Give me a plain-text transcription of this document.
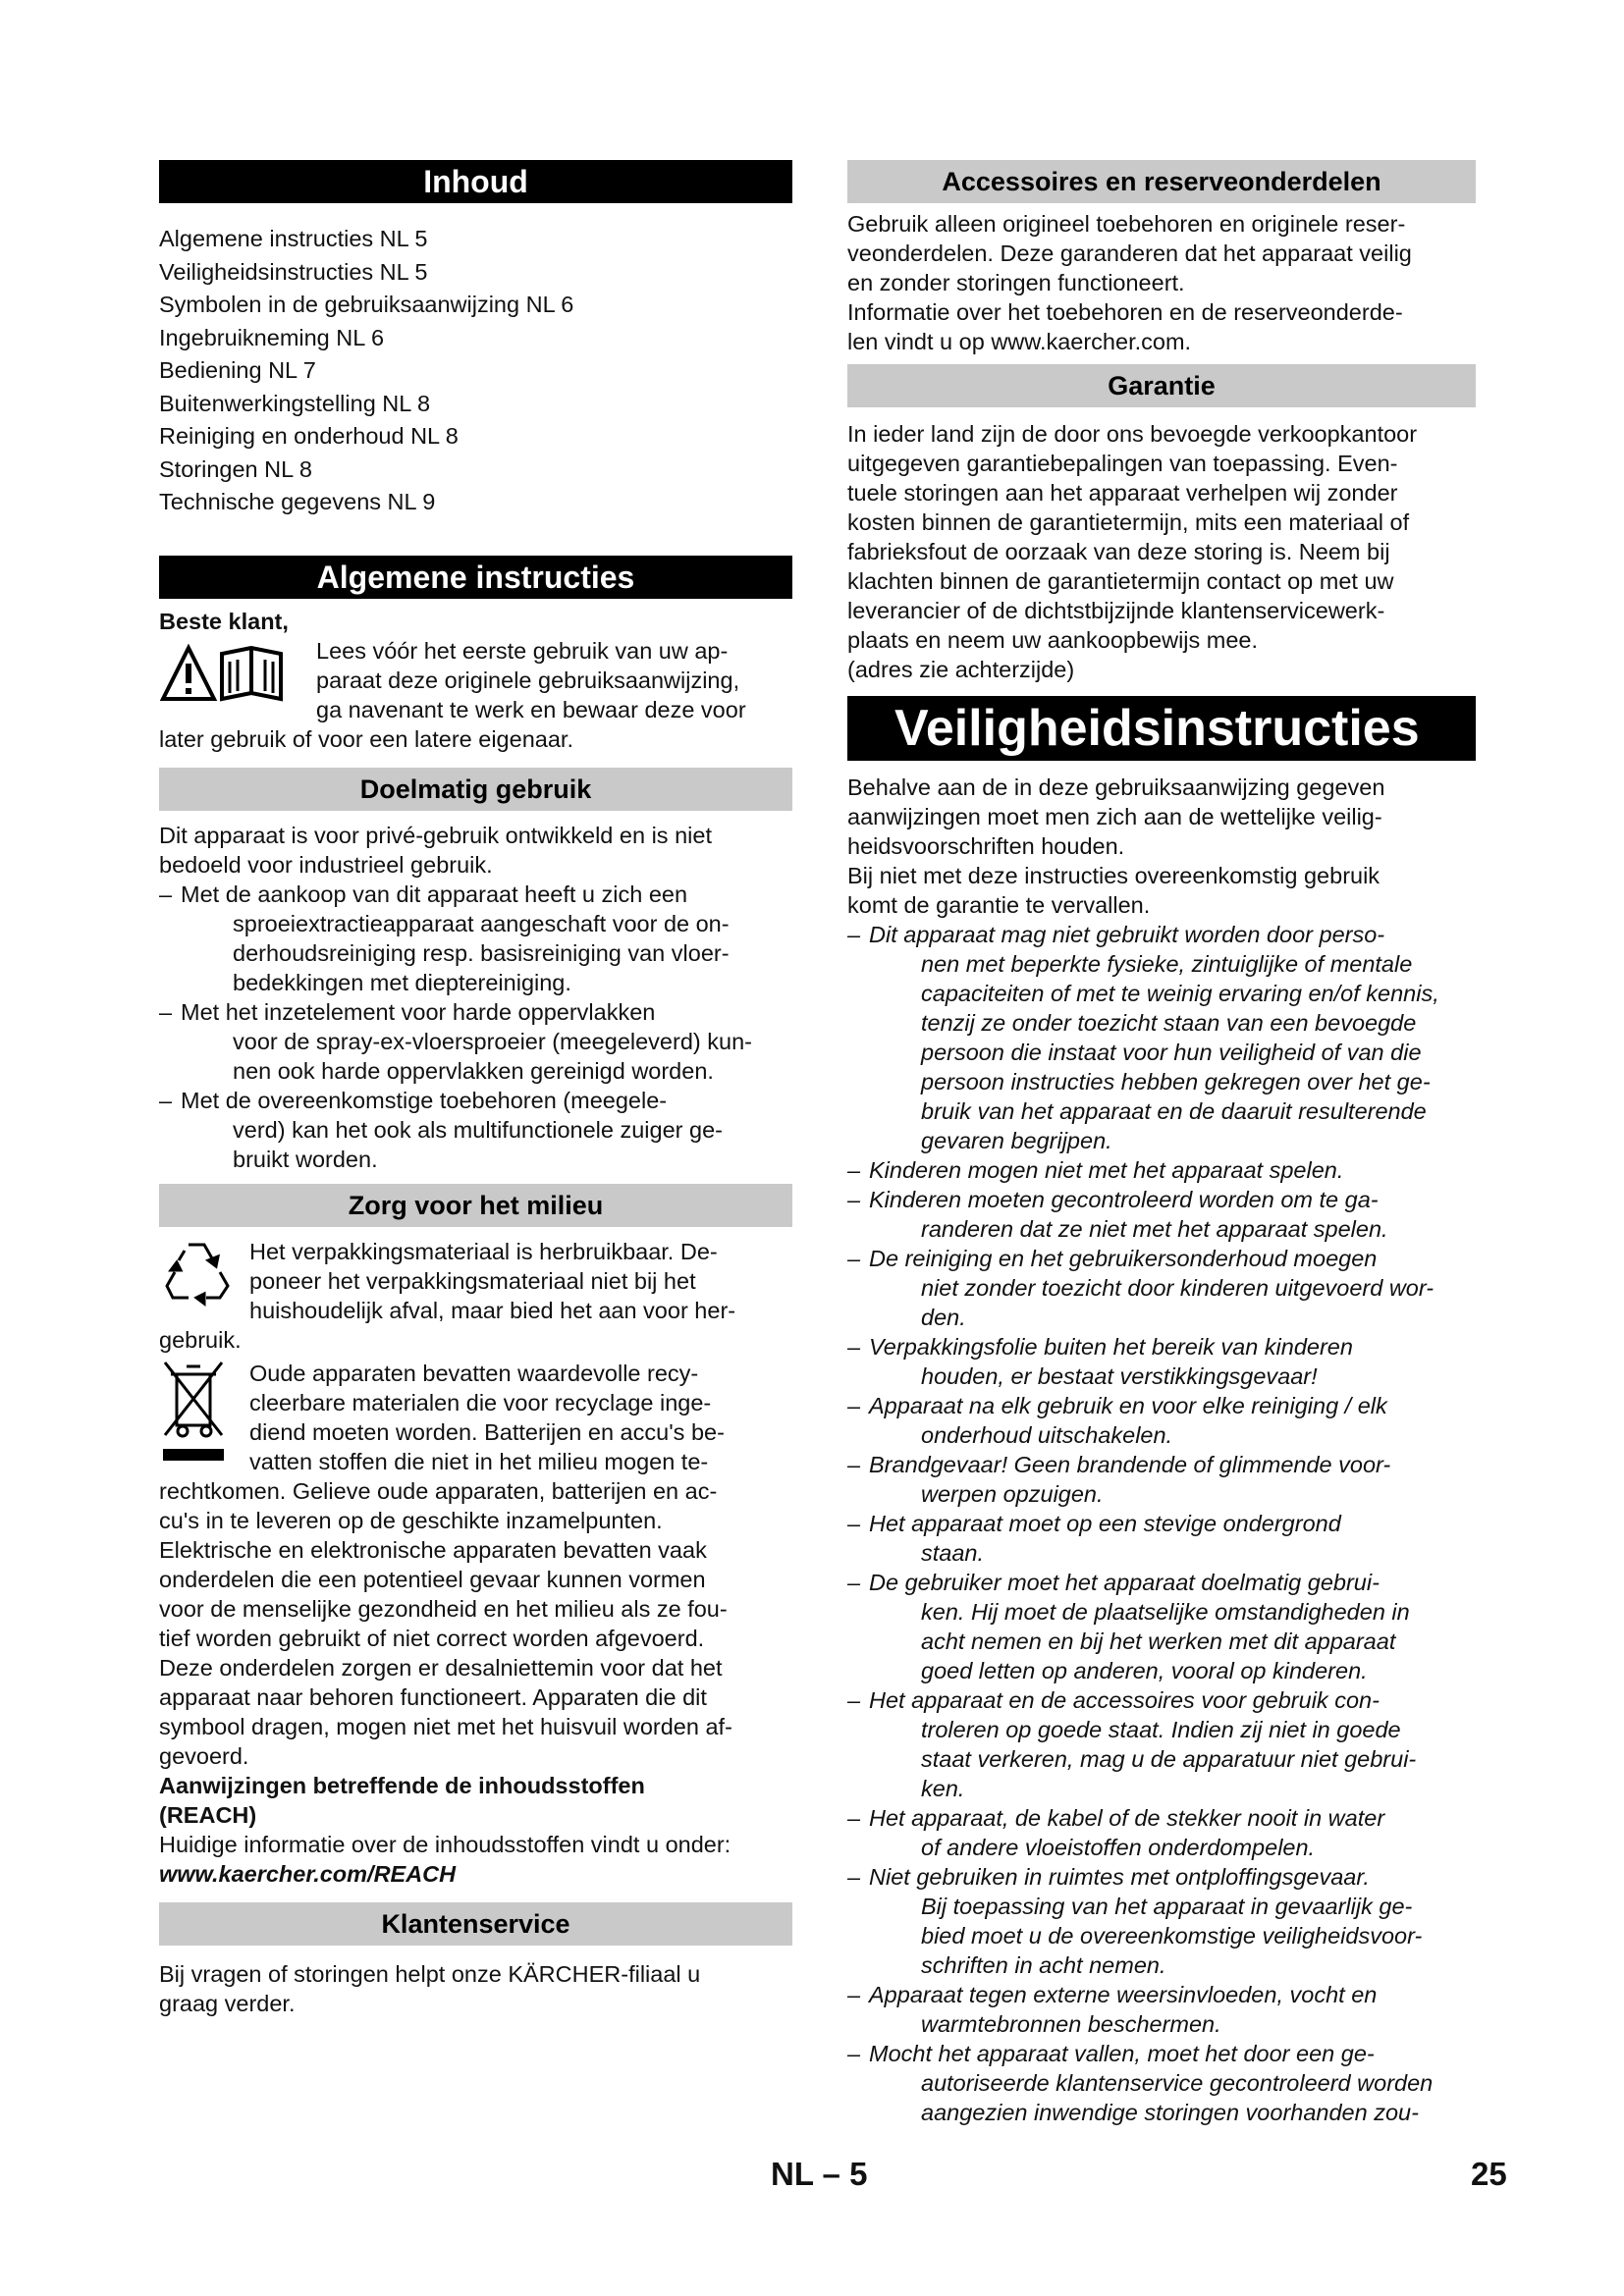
Inhoud
Algemene instructies NL 5
Veiligheidsinstructies NL 5
Symbolen in de gebruiksaanwijzing NL 6
Ingebruikneming NL 6
Bediening NL 7
Buitenwerkingstelling NL 8
Reiniging en onderhoud NL 8
Storingen NL 8
Technische gegevens NL 9
Algemene instructies

Beste klant,

Lees vóór het eerste gebruik van uw ap-
paraat deze originele gebruiksaanwijzing,
ga navenant te werk en bewaar deze voor

later gebruik of voor een latere eigenaar.

Doelmatig gebruik
Dit apparaat is voor privé-gebruik ontwikkeld en is niet
bedoeld voor industrieel gebruik.
– Met de aankoop van dit apparaat heeft u zich een
sproeiextractieapparaat aangeschaft voor de on-
derhoudsreiniging resp. basisreiniging van vloer-
bedekkingen met dieptereiniging.
– Met het inzetelement voor harde oppervlakken
voor de spray-ex-vloersproeier (meegeleverd) kun-
nen ook harde oppervlakken gereinigd worden.
– Met de overeenkomstige toebehoren (meegele-
verd) kan het ook als multifunctionele zuiger ge-
bruikt worden.
Zorg voor het milieu
Het verpakkingsmateriaal is herbruikbaar. De-
poneer het verpakkingsmateriaal niet bij het
huishoudelijk afval, maar bied het aan voor her-

gebruik.

Oude apparaten bevatten waardevolle recy-
cleerbare materialen die voor recyclage inge-
diend moeten worden. Batterijen en accu's be-
vatten stoffen die niet in het milieu mogen te-
rechtkomen. Gelieve oude apparaten, batterijen en ac-
cu's in te leveren op de geschikte inzamelpunten.
Elektrische en elektronische apparaten bevatten vaak
onderdelen die een potentieel gevaar kunnen vormen
voor de menselijke gezondheid en het milieu als ze fou-
tief worden gebruikt of niet correct worden afgevoerd.
Deze onderdelen zorgen er desalniettemin voor dat het
apparaat naar behoren functioneert. Apparaten die dit
symbool dragen, mogen niet met het huisvuil worden af-
gevoerd.
Aanwijzingen betreffende de inhoudsstoffen
(REACH)

Huidige informatie over de inhoudsstoffen vindt u onder:

www.kaercher.com/REACH

Klantenservice
Bij vragen of storingen helpt onze KÄRCHER-filiaal u
graag verder.
Accessoires en reserveonderdelen
Gebruik alleen origineel toebehoren en originele reser-
veonderdelen. Deze garanderen dat het apparaat veilig
en zonder storingen functioneert.
Informatie over het toebehoren en de reserveonderde-
len vindt u op www.kaercher.com.
Garantie
In ieder land zijn de door ons bevoegde verkoopkantoor
uitgegeven garantiebepalingen van toepassing. Even-
tuele storingen aan het apparaat verhelpen wij zonder
kosten binnen de garantietermijn, mits een materiaal of
fabrieksfout de oorzaak van deze storing is. Neem bij
klachten binnen de garantietermijn contact op met uw
leverancier of de dichtstbijzijnde klantenservicewerk-
plaats en neem uw aankoopbewijs mee.
(adres zie achterzijde)
Veiligheidsinstructies
Behalve aan de in deze gebruiksaanwijzing gegeven
aanwijzingen moet men zich aan de wettelijke veilig-
heidsvoorschriften houden.
Bij niet met deze instructies overeenkomstig gebruik
komt de garantie te vervallen.
– Dit apparaat mag niet gebruikt worden door perso-
nen met beperkte fysieke, zintuiglijke of mentale
capaciteiten of met te weinig ervaring en/of kennis,
tenzij ze onder toezicht staan van een bevoegde
persoon die instaat voor hun veiligheid of van die
persoon instructies hebben gekregen over het ge-
bruik van het apparaat en de daaruit resulterende
gevaren begrijpen.
– Kinderen mogen niet met het apparaat spelen.
– Kinderen moeten gecontroleerd worden om te ga-
randeren dat ze niet met het apparaat spelen.
– De reiniging en het gebruikersonderhoud moegen
niet zonder toezicht door kinderen uitgevoerd wor-
den.
– Verpakkingsfolie buiten het bereik van kinderen
houden, er bestaat verstikkingsgevaar!
– Apparaat na elk gebruik en voor elke reiniging / elk
onderhoud uitschakelen.
– Brandgevaar! Geen brandende of glimmende voor-
werpen opzuigen.
– Het apparaat moet op een stevige ondergrond
staan.
– De gebruiker moet het apparaat doelmatig gebrui-
ken. Hij moet de plaatselijke omstandigheden in
acht nemen en bij het werken met dit apparaat
goed letten op anderen, vooral op kinderen.
– Het apparaat en de accessoires voor gebruik con-
troleren op goede staat. Indien zij niet in goede
staat verkeren, mag u de apparatuur niet gebrui-
ken.
– Het apparaat, de kabel of de stekker nooit in water
of andere vloeistoffen onderdompelen.
– Niet gebruiken in ruimtes met ontploffingsgevaar.
Bij toepassing van het apparaat in gevaarlijk ge-
bied moet u de overeenkomstige veiligheidsvoor-
schriften in acht nemen.
– Apparaat tegen externe weersinvloeden, vocht en
warmtebronnen beschermen.
– Mocht het apparaat vallen, moet het door een ge-
autoriseerde klantenservice gecontroleerd worden
aangezien inwendige storingen voorhanden zou-
NL – 5	25
